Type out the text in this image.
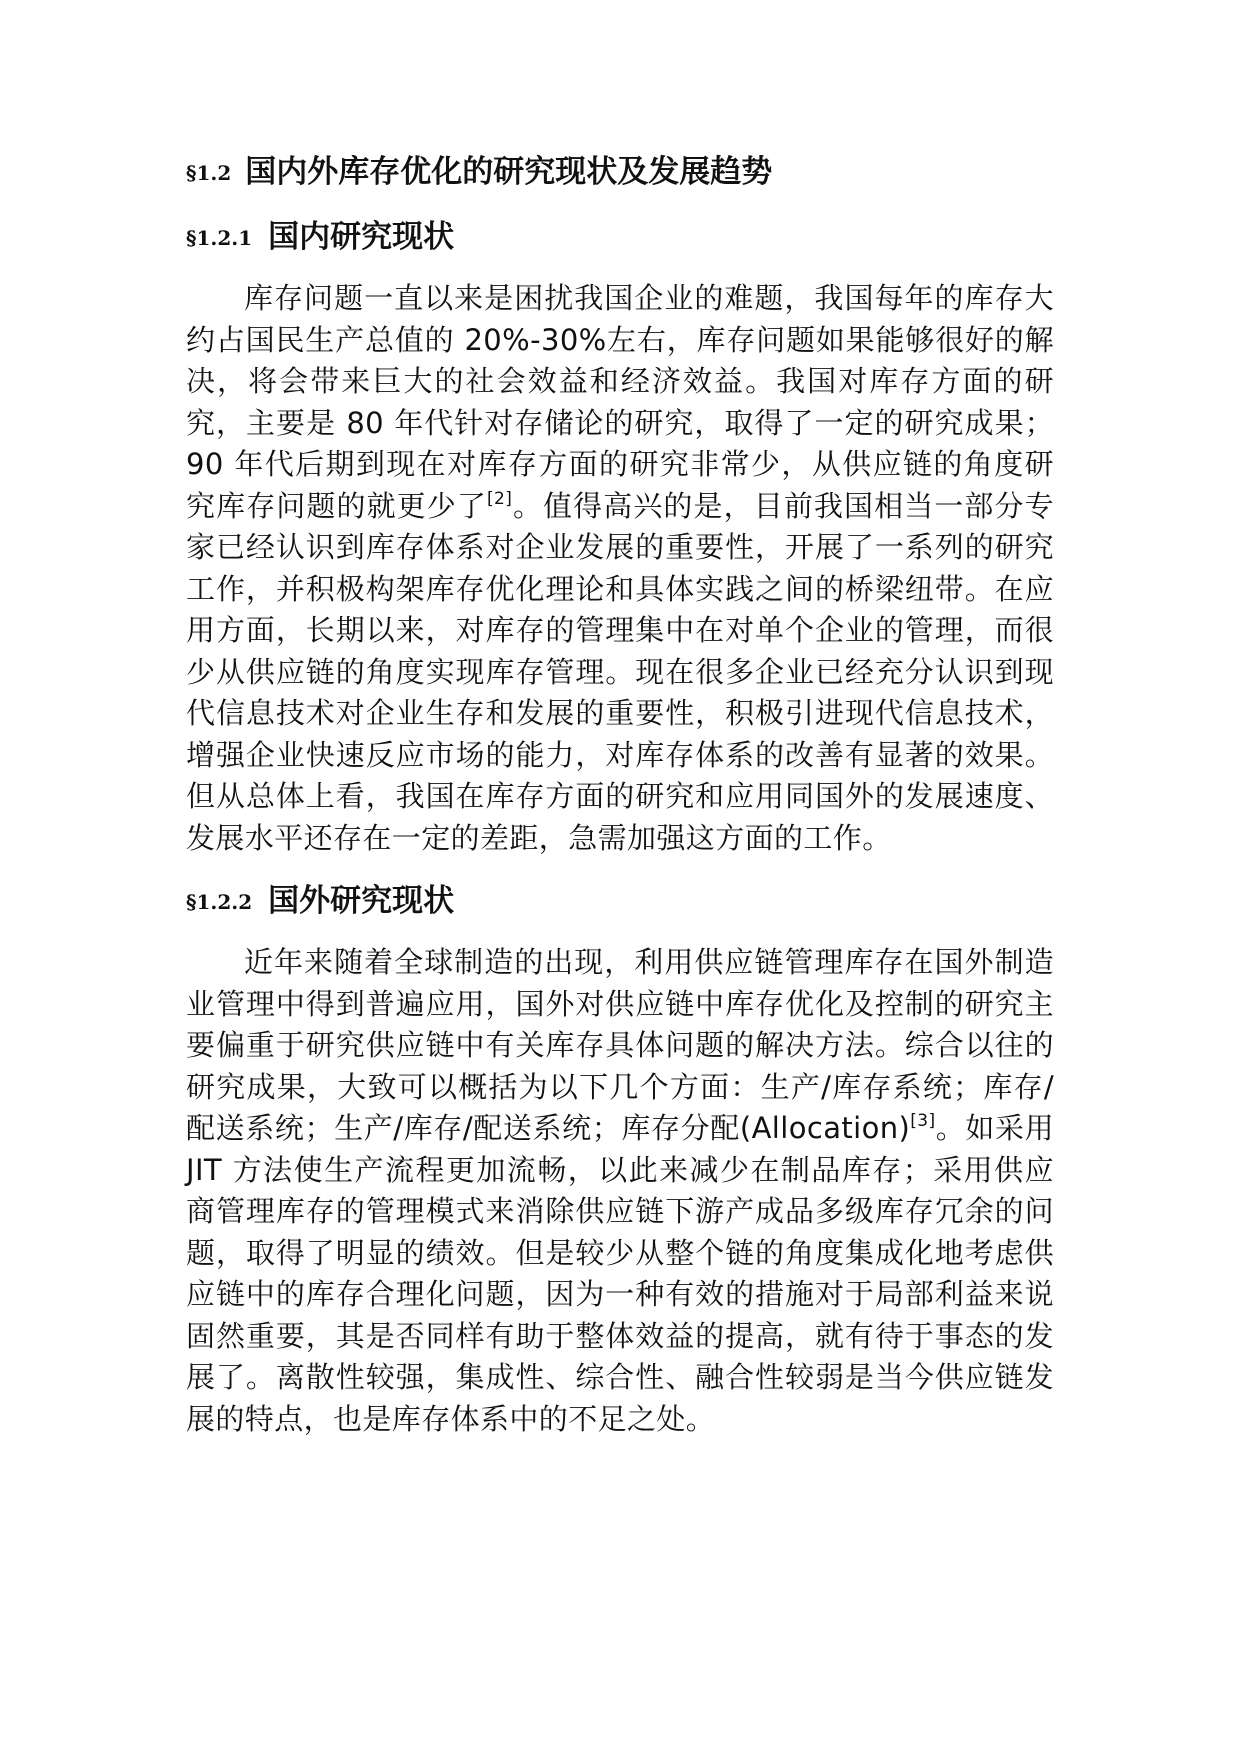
§1.2 国内外库存优化的研究现状及发展趋势
§1.2.1 国内研究现状

库存问题一直以来是困扰我国企业的难题，我国每年的库存大约占国民生产总值的 20%-30%左右，库存问题如果能够很好的解决，将会带来巨大的社会效益和经济效益。我国对库存方面的研究，主要是 80 年代针对存储论的研究，取得了一定的研究成果；90 年代后期到现在对库存方面的研究非常少，从供应链的角度研究库存问题的就更少了[2]。值得高兴的是，目前我国相当一部分专家已经认识到库存体系对企业发展的重要性，开展了一系列的研究工作，并积极构架库存优化理论和具体实践之间的桥梁纽带。在应用方面，长期以来，对库存的管理集中在对单个企业的管理，而很少从供应链的角度实现库存管理。现在很多企业已经充分认识到现代信息技术对企业生存和发展的重要性，积极引进现代信息技术，增强企业快速反应市场的能力，对库存体系的改善有显著的效果。但从总体上看，我国在库存方面的研究和应用同国外的发展速度、发展水平还存在一定的差距，急需加强这方面的工作。

§1.2.2 国外研究现状

近年来随着全球制造的出现，利用供应链管理库存在国外制造业管理中得到普遍应用，国外对供应链中库存优化及控制的研究主要偏重于研究供应链中有关库存具体问题的解决方法。综合以往的研究成果，大致可以概括为以下几个方面：生产/库存系统；库存/配送系统；生产/库存/配送系统；库存分配(Allocation)[3]。如采用 JIT 方法使生产流程更加流畅，以此来减少在制品库存；采用供应商管理库存的管理模式来消除供应链下游产成品多级库存冗余的问题，取得了明显的绩效。但是较少从整个链的角度集成化地考虑供应链中的库存合理化问题，因为一种有效的措施对于局部利益来说固然重要，其是否同样有助于整体效益的提高，就有待于事态的发展了。离散性较强，集成性、综合性、融合性较弱是当今供应链发展的特点，也是库存体系中的不足之处。
